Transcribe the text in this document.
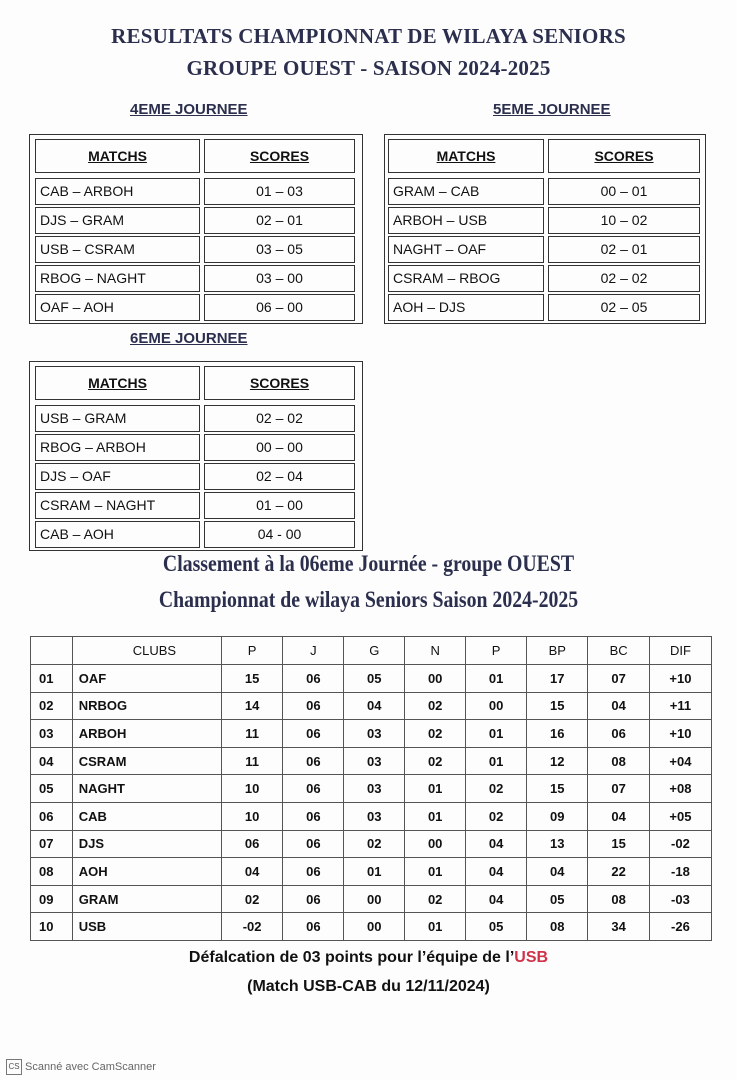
RESULTATS CHAMPIONNAT DE WILAYA SENIORS
GROUPE OUEST - SAISON 2024-2025
4EME JOURNEE	5EME JOURNEE
6EME JOURNEE
MATCHS	SCORES
CAB – ARBOH	01 – 03
DJS – GRAM	02 – 01
USB – CSRAM	03 – 05
RBOG – NAGHT	03 – 00
OAF – AOH	06 – 00
MATCHS	SCORES
GRAM – CAB	00 – 01
ARBOH – USB	10 – 02
NAGHT – OAF	02 – 01
CSRAM – RBOG	02 – 02
AOH – DJS	02 – 05
MATCHS	SCORES
USB – GRAM	02 – 02
RBOG – ARBOH	00 – 00
DJS – OAF	02 – 04
CSRAM – NAGHT	01 – 00
CAB – AOH	04 - 00
Classement à la 06eme Journée - groupe OUEST
Championnat de wilaya Seniors Saison 2024-2025
	CLUBS	P	J	G	N	P	BP	BC	DIF
01	OAF	15	06	05	00	01	17	07	+10
02	NRBOG	14	06	04	02	00	15	04	+11
03	ARBOH	11	06	03	02	01	16	06	+10
04	CSRAM	11	06	03	02	01	12	08	+04
05	NAGHT	10	06	03	01	02	15	07	+08
06	CAB	10	06	03	01	02	09	04	+05
07	DJS	06	06	02	00	04	13	15	-02
08	AOH	04	06	01	01	04	04	22	-18
09	GRAM	02	06	00	02	04	05	08	-03
10	USB	-02	06	00	01	05	08	34	-26
Défalcation de 03 points pour l’équipe de l’USB
(Match USB-CAB du 12/11/2024)
CS Scanné avec CamScanner
